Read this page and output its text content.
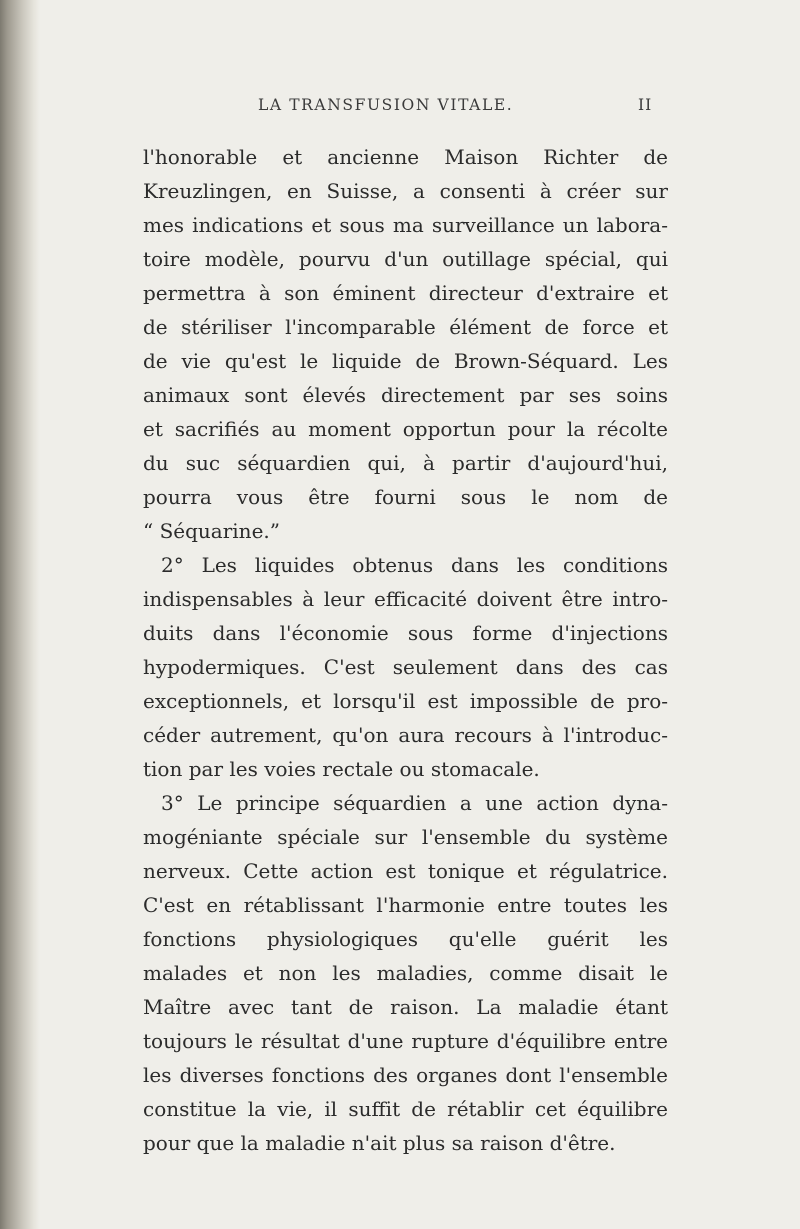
LA TRANSFUSION VITALE.	II

l'honorable et ancienne Maison Richter de

Kreuzlingen, en Suisse, a consenti à créer sur

mes indications et sous ma surveillance un labora-

toire modèle, pourvu d'un outillage spécial, qui

permettra à son éminent directeur d'extraire et

de stériliser l'incomparable élément de force et

de vie qu'est le liquide de Brown-Séquard. Les

animaux sont élevés directement par ses soins

et sacrifiés au moment opportun pour la récolte

du suc séquardien qui, à partir d'aujourd'hui,

pourra vous être fourni sous le nom de

“ Séquarine.”

2° Les liquides obtenus dans les conditions

indispensables à leur efficacité doivent être intro-

duits dans l'économie sous forme d'injections

hypodermiques. C'est seulement dans des cas

exceptionnels, et lorsqu'il est impossible de pro-

céder autrement, qu'on aura recours à l'introduc-

tion par les voies rectale ou stomacale.

3° Le principe séquardien a une action dyna-

mogéniante spéciale sur l'ensemble du système

nerveux. Cette action est tonique et régulatrice.

C'est en rétablissant l'harmonie entre toutes les

fonctions physiologiques qu'elle guérit les

malades et non les maladies, comme disait le

Maître avec tant de raison. La maladie étant

toujours le résultat d'une rupture d'équilibre entre

les diverses fonctions des organes dont l'ensemble

constitue la vie, il suffit de rétablir cet équilibre

pour que la maladie n'ait plus sa raison d'être.
